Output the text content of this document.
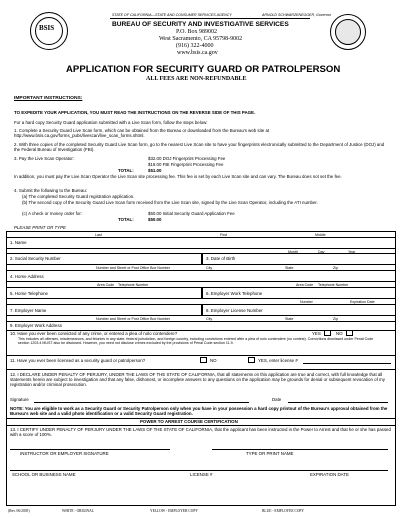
STATE OF CALIFORNIA—STATE AND CONSUMER SERVICES AGENCY	ARNOLD SCHWARZENEGGER, Governor
BSIS	BUREAU OF SECURITY AND INVESTIGATIVE SERVICES
P.O. Box 989002
West Sacramento, CA 95798-9002
(916) 322-4000
www.bsis.ca.gov
APPLICATION FOR SECURITY GUARD OR PATROLPERSON
ALL FEES ARE NON-REFUNDABLE
IMPORTANT INSTRUCTIONS:
TO EXPEDITE YOUR APPLICATION, YOU MUST READ THE INSTRUCTIONS ON THE REVERSE SIDE OF THIS PAGE.
For a hard copy Security Guard application submitted with a Live Scan form, follow the steps below:
1. Complete a Security Guard Live Scan form, which can be obtained from the Bureau or downloaded from the Bureau's web site at http://www.bsis.ca.gov/forms_pubs/livescan/live_scan_forms.shtml.
2. With three copies of the completed Security Guard Live Scan form, go to the nearest Live Scan site to have your fingerprints electronically submitted to the Department of Justice (DOJ) and the Federal Bureau of Investigation (FBI).
3. Pay the Live Scan Operator:	$32.00 DOJ Fingerprint Processing Fee
$19.00 FBI Fingerprint Processing Fee
TOTAL:	$51.00
In addition, you must pay the Live Scan Operator the Live Scan site processing fee. This fee is set by each Live Scan site and can vary. The Bureau does not set the fee.
4. Submit the following to the Bureau:
(a) The completed Security Guard registration application.
(b) The second copy of the Security Guard Live Scan form received from the Live Scan site, signed by the Live Scan Operator, including the ATI number.
(c) A check or money order for:	$50.00 Initial Security Guard Application Fee
TOTAL:	$50.00
PLEASE PRINT OR TYPE
Last	First	Middle
1. Name
Month	Day	Year
2. Social Security Number	3. Date of Birth
Number and Street or Post Office Box Number	City	State	Zip
4. Home Address
Area Code Telephone Number	Area Code Telephone Number
5. Home Telephone	6. Employer Work Telephone
Number	Expiration Date
7. Employer Name	8. Employer License Number
Number and Street or Post Office Box Number	City	State	Zip
9. Employer Work Address
10. Have you ever been convicted of any crime, or entered a plea of nolo contendere?	YES	NO
This includes all offenses, misdemeanors, and felonies in any state, federal jurisdiction, and foreign country, including convictions entered after a plea of nolo contendere (no contest). Convictions dismissed under Penal Code section 1203.4 MUST also be disclosed. However, you need not disclose crimes excluded by the provisions of Penal Code section 11.9.
11. Have you ever been licensed as a security guard or patrolperson?	NO	YES, enter license #
12. I DECLARE UNDER PENALTY OF PERJURY, UNDER THE LAWS OF THE STATE OF CALIFORNIA, that all statements on this application are true and correct, with full knowledge that all statements herein are subject to investigation and that any false, dishonest, or incomplete answers to any questions on the application may be grounds for denial or subsequent revocation of my registration and/or criminal prosecution.
Signature	Date
NOTE: You are eligible to work as a Security Guard or Security Patrolperson only when you have in your possession a hard copy printout of the Bureau's approval obtained from the Bureau's web site and a valid photo identification or a valid Security Guard registration.
POWER TO ARREST COURSE CERTIFICATION
13. I CERTIFY UNDER PENALTY OF PERJURY UNDER THE LAWS OF THE STATE OF CALIFORNIA, that the applicant has been instructed in the Power to Arrest and that he or she has passed with a score of 100%.
INSTRUCTOR OR EMPLOYER SIGNATURE	TYPE OR PRINT NAME
SCHOOL OR BUSINESS NAME	LICENSE #	EXPIRATION DATE
(Rev. 06/2005)	WHITE - ORIGINAL	YELLOW - EMPLOYER COPY	BLUE - EMPLOYEE COPY
